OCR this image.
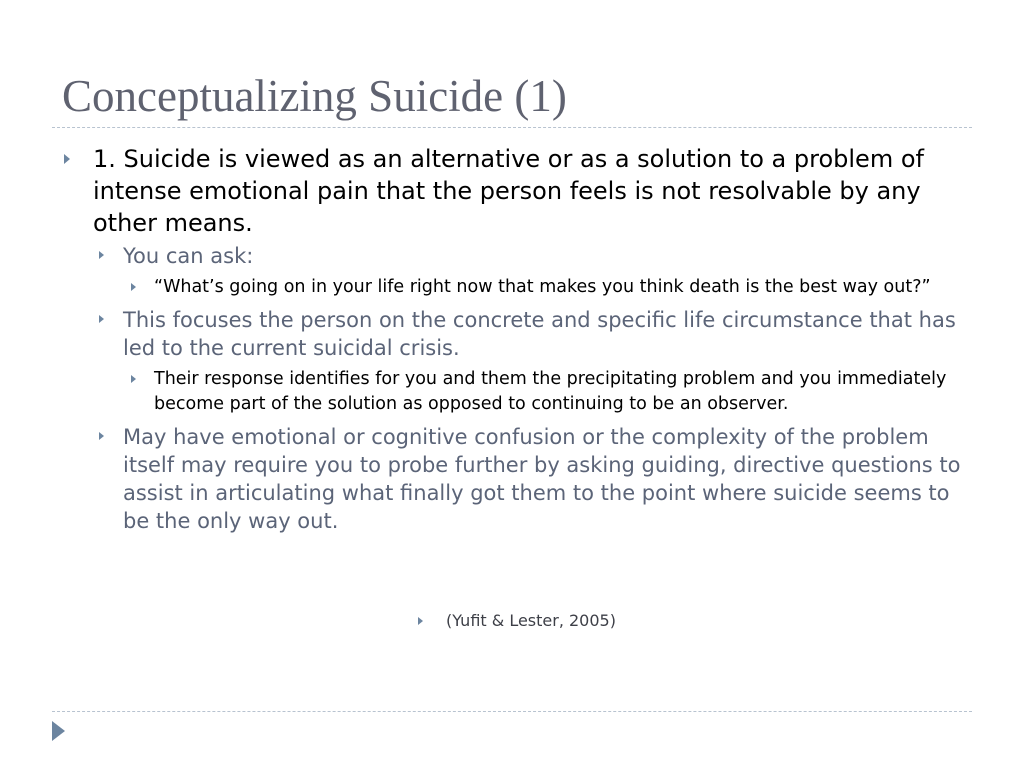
Conceptualizing Suicide (1)
1. Suicide is viewed as an alternative or as a solution to a problem of intense emotional pain that the person feels is not resolvable by any other means.
You can ask:
“What’s going on in your life right now that makes you think death is the best way out?”
This focuses the person on the concrete and specific life circumstance that has led to the current suicidal crisis.
Their response identifies for you and them the precipitating problem and you immediately become part of the solution as opposed to continuing to be an observer.
May have emotional or cognitive confusion or the complexity of the problem itself may require you to probe further by asking guiding, directive questions to assist in articulating what finally got them to the point where suicide seems to be the only way out.
(Yufit & Lester, 2005)
